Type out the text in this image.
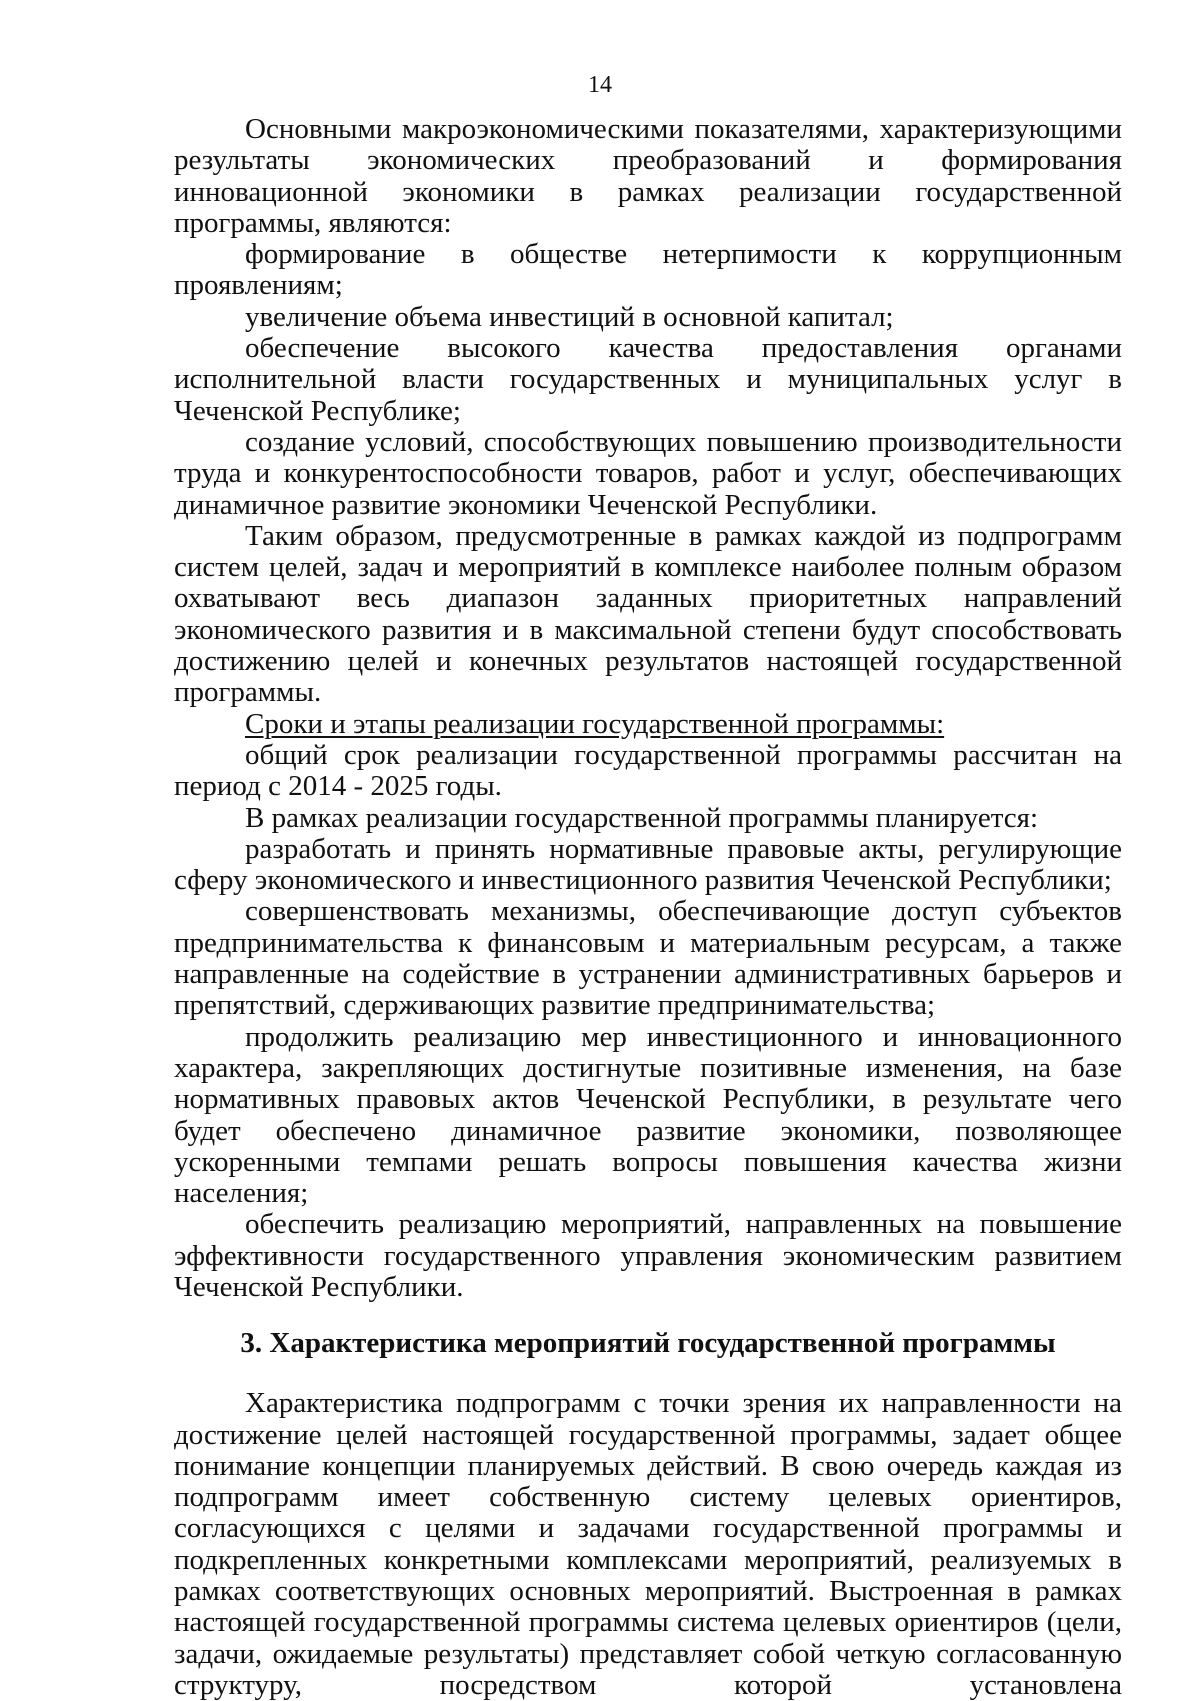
14

Основными макроэкономическими показателями, характеризующими результаты экономических преобразований и формирования инновационной экономики в рамках реализации государственной программы, являются:

формирование в обществе нетерпимости к коррупционным проявлениям;

увеличение объема инвестиций в основной капитал;

обеспечение высокого качества предоставления органами исполнительной власти государственных и муниципальных услуг в Чеченской Республике;

создание условий, способствующих повышению производительности труда и конкурентоспособности товаров, работ и услуг, обеспечивающих динамичное развитие экономики Чеченской Республики.

Таким образом, предусмотренные в рамках каждой из подпрограмм систем целей, задач и мероприятий в комплексе наиболее полным образом охватывают весь диапазон заданных приоритетных направлений экономического развития и в максимальной степени будут способствовать достижению целей и конечных результатов настоящей государственной программы.

Сроки и этапы реализации государственной программы:

общий срок реализации государственной программы рассчитан на период с 2014 - 2025 годы.

В рамках реализации государственной программы планируется:

разработать и принять нормативные правовые акты, регулирующие сферу экономического и инвестиционного развития Чеченской Республики;

совершенствовать механизмы, обеспечивающие доступ субъектов предпринимательства к финансовым и материальным ресурсам, а также направленные на содействие в устранении административных барьеров и препятствий, сдерживающих развитие предпринимательства;

продолжить реализацию мер инвестиционного и инновационного характера, закрепляющих достигнутые позитивные изменения, на базе нормативных правовых актов Чеченской Республики, в результате чего будет обеспечено динамичное развитие экономики, позволяющее ускоренными темпами решать вопросы повышения качества жизни населения;

обеспечить реализацию мероприятий, направленных на повышение эффективности государственного управления экономическим развитием Чеченской Республики.

3. Характеристика мероприятий государственной программы

Характеристика подпрограмм с точки зрения их направленности на достижение целей настоящей государственной программы, задает общее понимание концепции планируемых действий. В свою очередь каждая из подпрограмм имеет собственную систему целевых ориентиров, согласующихся с целями и задачами государственной программы и подкрепленных конкретными комплексами мероприятий, реализуемых в рамках соответствующих основных мероприятий. Выстроенная в рамках настоящей государственной программы система целевых ориентиров (цели, задачи, ожидаемые результаты) представляет собой четкую согласованную структуру, посредством которой установлена
